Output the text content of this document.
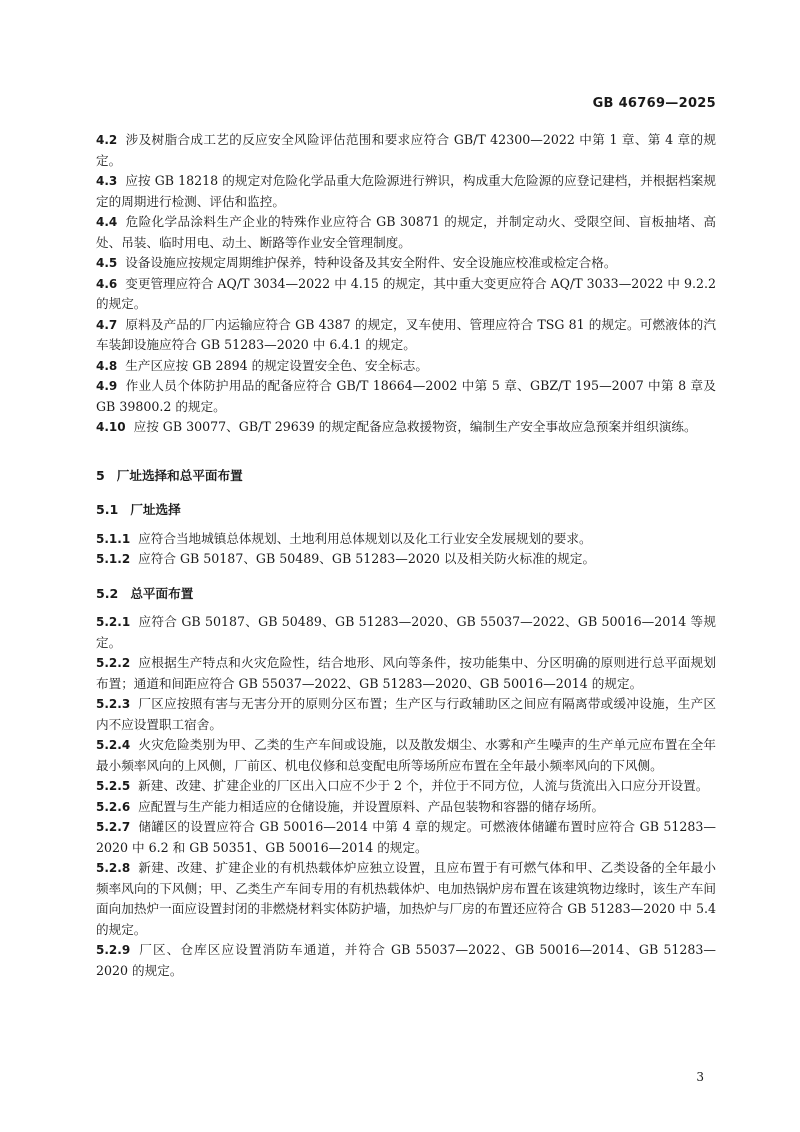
GB 46769—2025

4.2 涉及树脂合成工艺的反应安全风险评估范围和要求应符合 GB/T 42300—2022 中第 1 章、第 4 章的规定。

4.3 应按 GB 18218 的规定对危险化学品重大危险源进行辨识，构成重大危险源的应登记建档，并根据档案规定的周期进行检测、评估和监控。

4.4 危险化学品涂料生产企业的特殊作业应符合 GB 30871 的规定，并制定动火、受限空间、盲板抽堵、高处、吊装、临时用电、动土、断路等作业安全管理制度。

4.5 设备设施应按规定周期维护保养，特种设备及其安全附件、安全设施应校准或检定合格。

4.6 变更管理应符合 AQ/T 3034—2022 中 4.15 的规定，其中重大变更应符合 AQ/T 3033—2022 中 9.2.2 的规定。

4.7 原料及产品的厂内运输应符合 GB 4387 的规定，叉车使用、管理应符合 TSG 81 的规定。可燃液体的汽车装卸设施应符合 GB 51283—2020 中 6.4.1 的规定。

4.8 生产区应按 GB 2894 的规定设置安全色、安全标志。

4.9 作业人员个体防护用品的配备应符合 GB/T 18664—2002 中第 5 章、GBZ/T 195—2007 中第 8 章及 GB 39800.2 的规定。

4.10 应按 GB 30077、GB/T 29639 的规定配备应急救援物资，编制生产安全事故应急预案并组织演练。

5 厂址选择和总平面布置

5.1 厂址选择

5.1.1 应符合当地城镇总体规划、土地利用总体规划以及化工行业安全发展规划的要求。

5.1.2 应符合 GB 50187、GB 50489、GB 51283—2020 以及相关防火标准的规定。

5.2 总平面布置

5.2.1 应符合 GB 50187、GB 50489、GB 51283—2020、GB 55037—2022、GB 50016—2014 等规定。

5.2.2 应根据生产特点和火灾危险性，结合地形、风向等条件，按功能集中、分区明确的原则进行总平面规划布置；通道和间距应符合 GB 55037—2022、GB 51283—2020、GB 50016—2014 的规定。

5.2.3 厂区应按照有害与无害分开的原则分区布置；生产区与行政辅助区之间应有隔离带或缓冲设施，生产区内不应设置职工宿舍。

5.2.4 火灾危险类别为甲、乙类的生产车间或设施，以及散发烟尘、水雾和产生噪声的生产单元应布置在全年最小频率风向的上风侧，厂前区、机电仪修和总变配电所等场所应布置在全年最小频率风向的下风侧。

5.2.5 新建、改建、扩建企业的厂区出入口应不少于 2 个，并位于不同方位，人流与货流出入口应分开设置。

5.2.6 应配置与生产能力相适应的仓储设施，并设置原料、产品包装物和容器的储存场所。

5.2.7 储罐区的设置应符合 GB 50016—2014 中第 4 章的规定。可燃液体储罐布置时应符合 GB 51283—2020 中 6.2 和 GB 50351、GB 50016—2014 的规定。

5.2.8 新建、改建、扩建企业的有机热载体炉应独立设置，且应布置于有可燃气体和甲、乙类设备的全年最小频率风向的下风侧；甲、乙类生产车间专用的有机热载体炉、电加热锅炉房布置在该建筑物边缘时，该生产车间面向加热炉一面应设置封闭的非燃烧材料实体防护墙，加热炉与厂房的布置还应符合 GB 51283—2020 中 5.4 的规定。

5.2.9 厂区、仓库区应设置消防车通道，并符合 GB 55037—2022、GB 50016—2014、GB 51283—2020 的规定。

3
